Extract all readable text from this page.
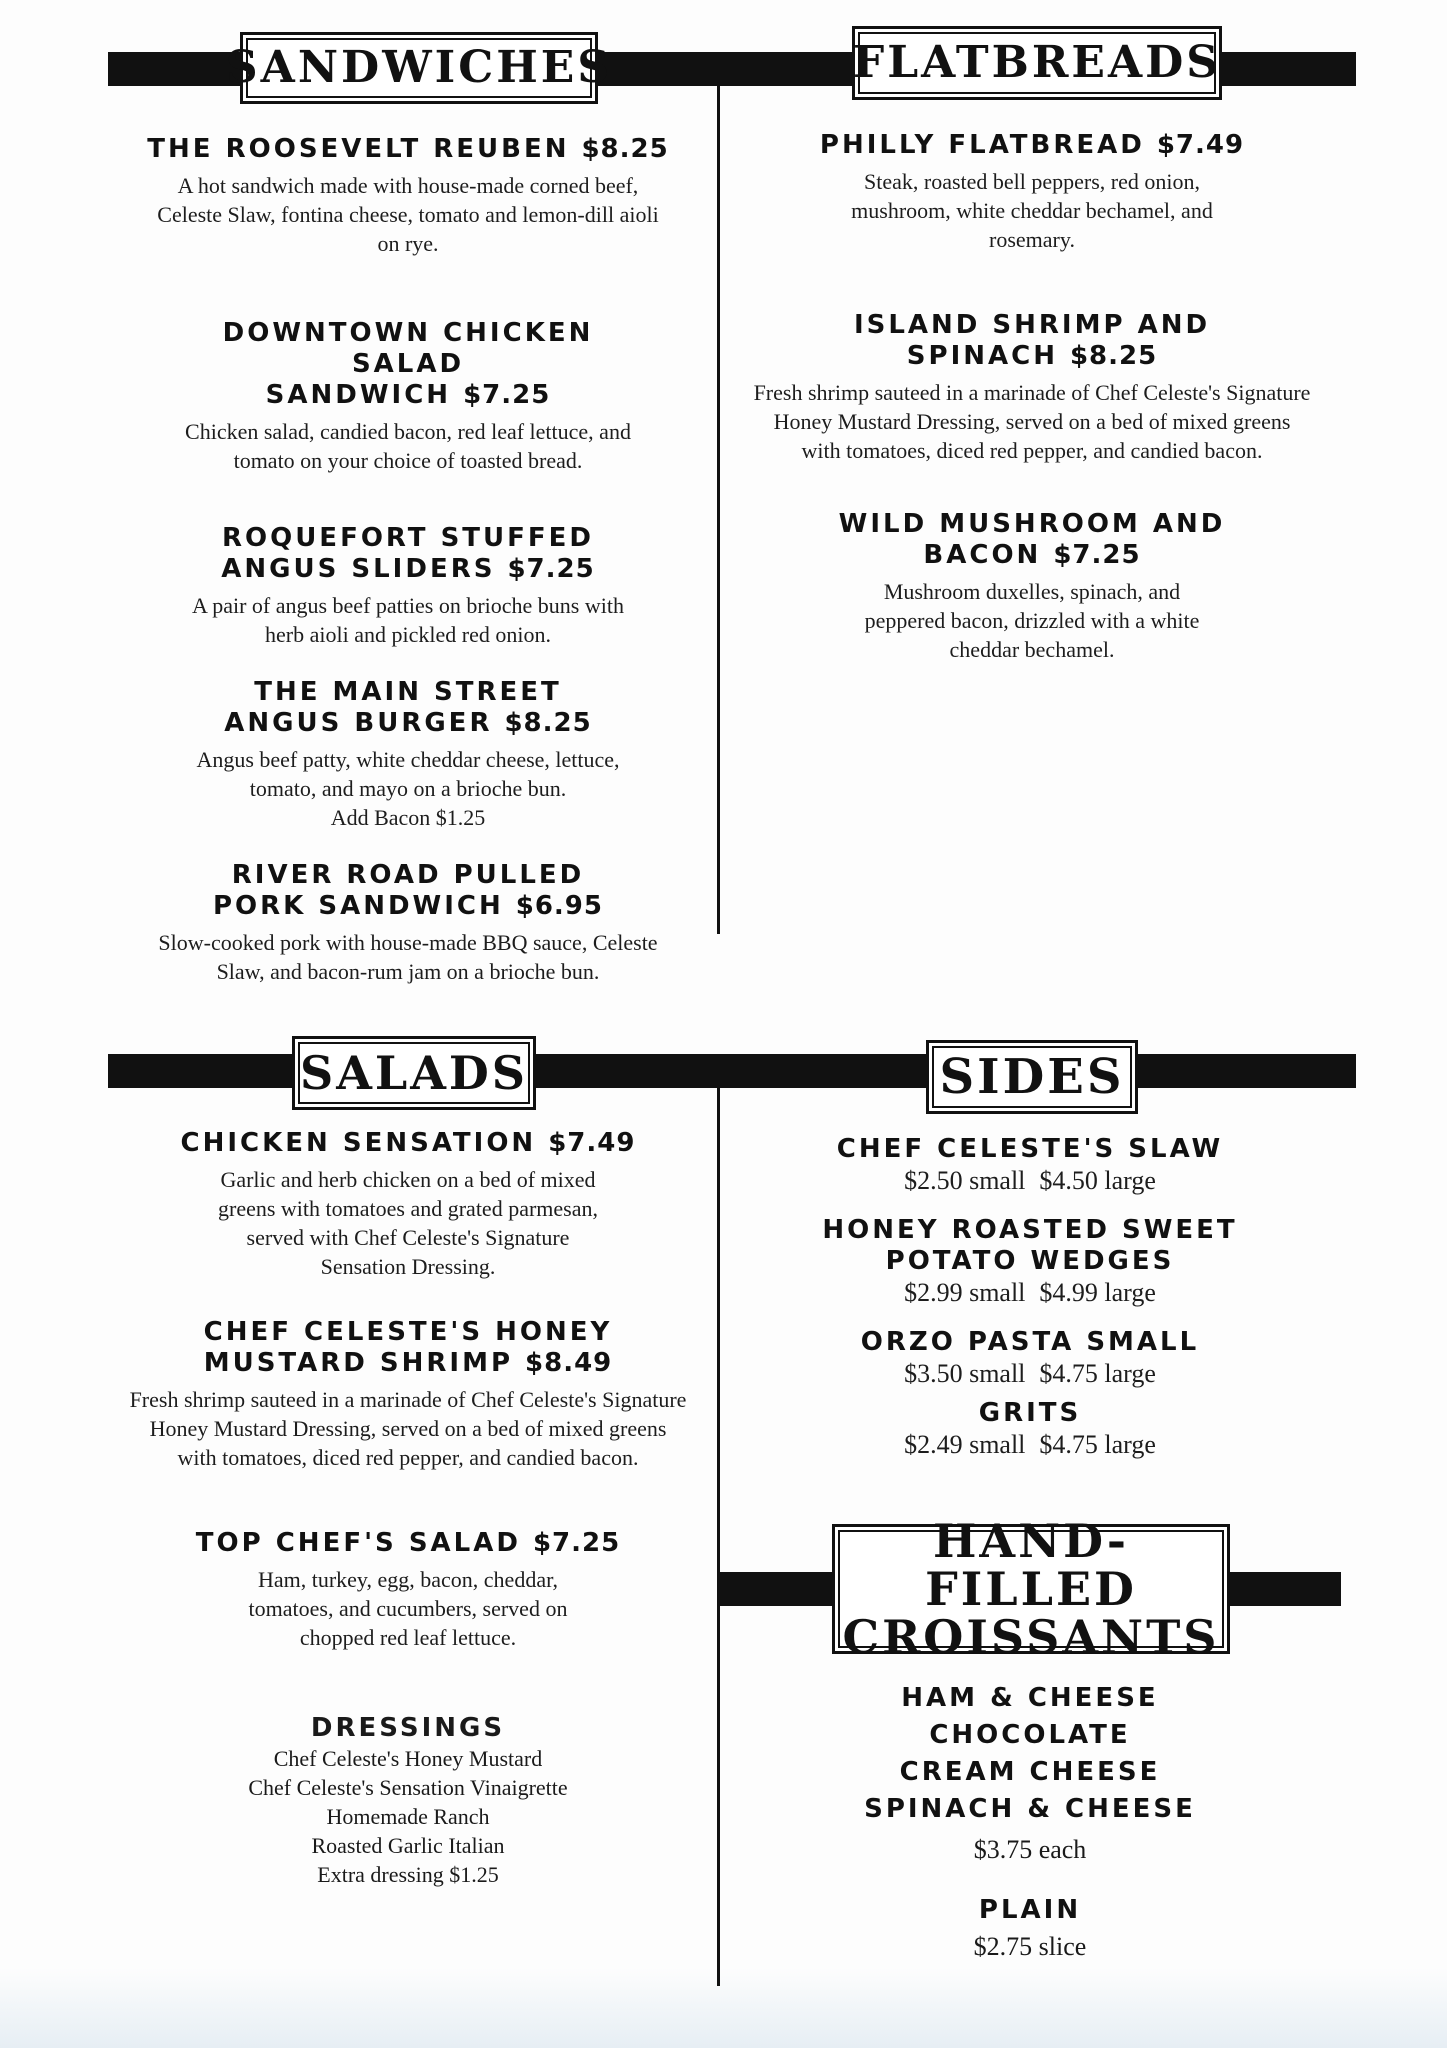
SANDWICHES	FLATBREADS
THE ROOSEVELT REUBEN $8.25
A hot sandwich made with house-made corned beef, Celeste Slaw, fontina cheese, tomato and lemon-dill aioli on rye.
DOWNTOWN CHICKEN SALAD SANDWICH $7.25
Chicken salad, candied bacon, red leaf lettuce, and tomato on your choice of toasted bread.
ROQUEFORT STUFFED ANGUS SLIDERS $7.25
A pair of angus beef patties on brioche buns with herb aioli and pickled red onion.
THE MAIN STREET ANGUS BURGER $8.25
Angus beef patty, white cheddar cheese, lettuce, tomato, and mayo on a brioche bun.
Add Bacon $1.25
RIVER ROAD PULLED PORK SANDWICH $6.95
Slow-cooked pork with house-made BBQ sauce, Celeste Slaw, and bacon-rum jam on a brioche bun.
PHILLY FLATBREAD $7.49
Steak, roasted bell peppers, red onion, mushroom, white cheddar bechamel, and rosemary.
ISLAND SHRIMP AND SPINACH $8.25
Fresh shrimp sauteed in a marinade of Chef Celeste's Signature Honey Mustard Dressing, served on a bed of mixed greens with tomatoes, diced red pepper, and candied bacon.
WILD MUSHROOM AND BACON $7.25
Mushroom duxelles, spinach, and peppered bacon, drizzled with a white cheddar bechamel.
SALADS	SIDES
CHICKEN SENSATION $7.49
Garlic and herb chicken on a bed of mixed greens with tomatoes and grated parmesan, served with Chef Celeste's Signature Sensation Dressing.
CHEF CELESTE'S HONEY MUSTARD SHRIMP $8.49
Fresh shrimp sauteed in a marinade of Chef Celeste's Signature Honey Mustard Dressing, served on a bed of mixed greens with tomatoes, diced red pepper, and candied bacon.
TOP CHEF'S SALAD $7.25
Ham, turkey, egg, bacon, cheddar, tomatoes, and cucumbers, served on chopped red leaf lettuce.
DRESSINGS
Chef Celeste's Honey Mustard
Chef Celeste's Sensation Vinaigrette
Homemade Ranch
Roasted Garlic Italian
Extra dressing $1.25
CHEF CELESTE'S SLAW
$2.50 small $4.50 large
HONEY ROASTED SWEET POTATO WEDGES
$2.99 small $4.99 large
ORZO PASTA SMALL
$3.50 small $4.75 large
GRITS
$2.49 small $4.75 large
HAND-FILLED
CROISSANTS
HAM & CHEESE
CHOCOLATE
CREAM CHEESE
SPINACH & CHEESE
$3.75 each
PLAIN
$2.75 slice
